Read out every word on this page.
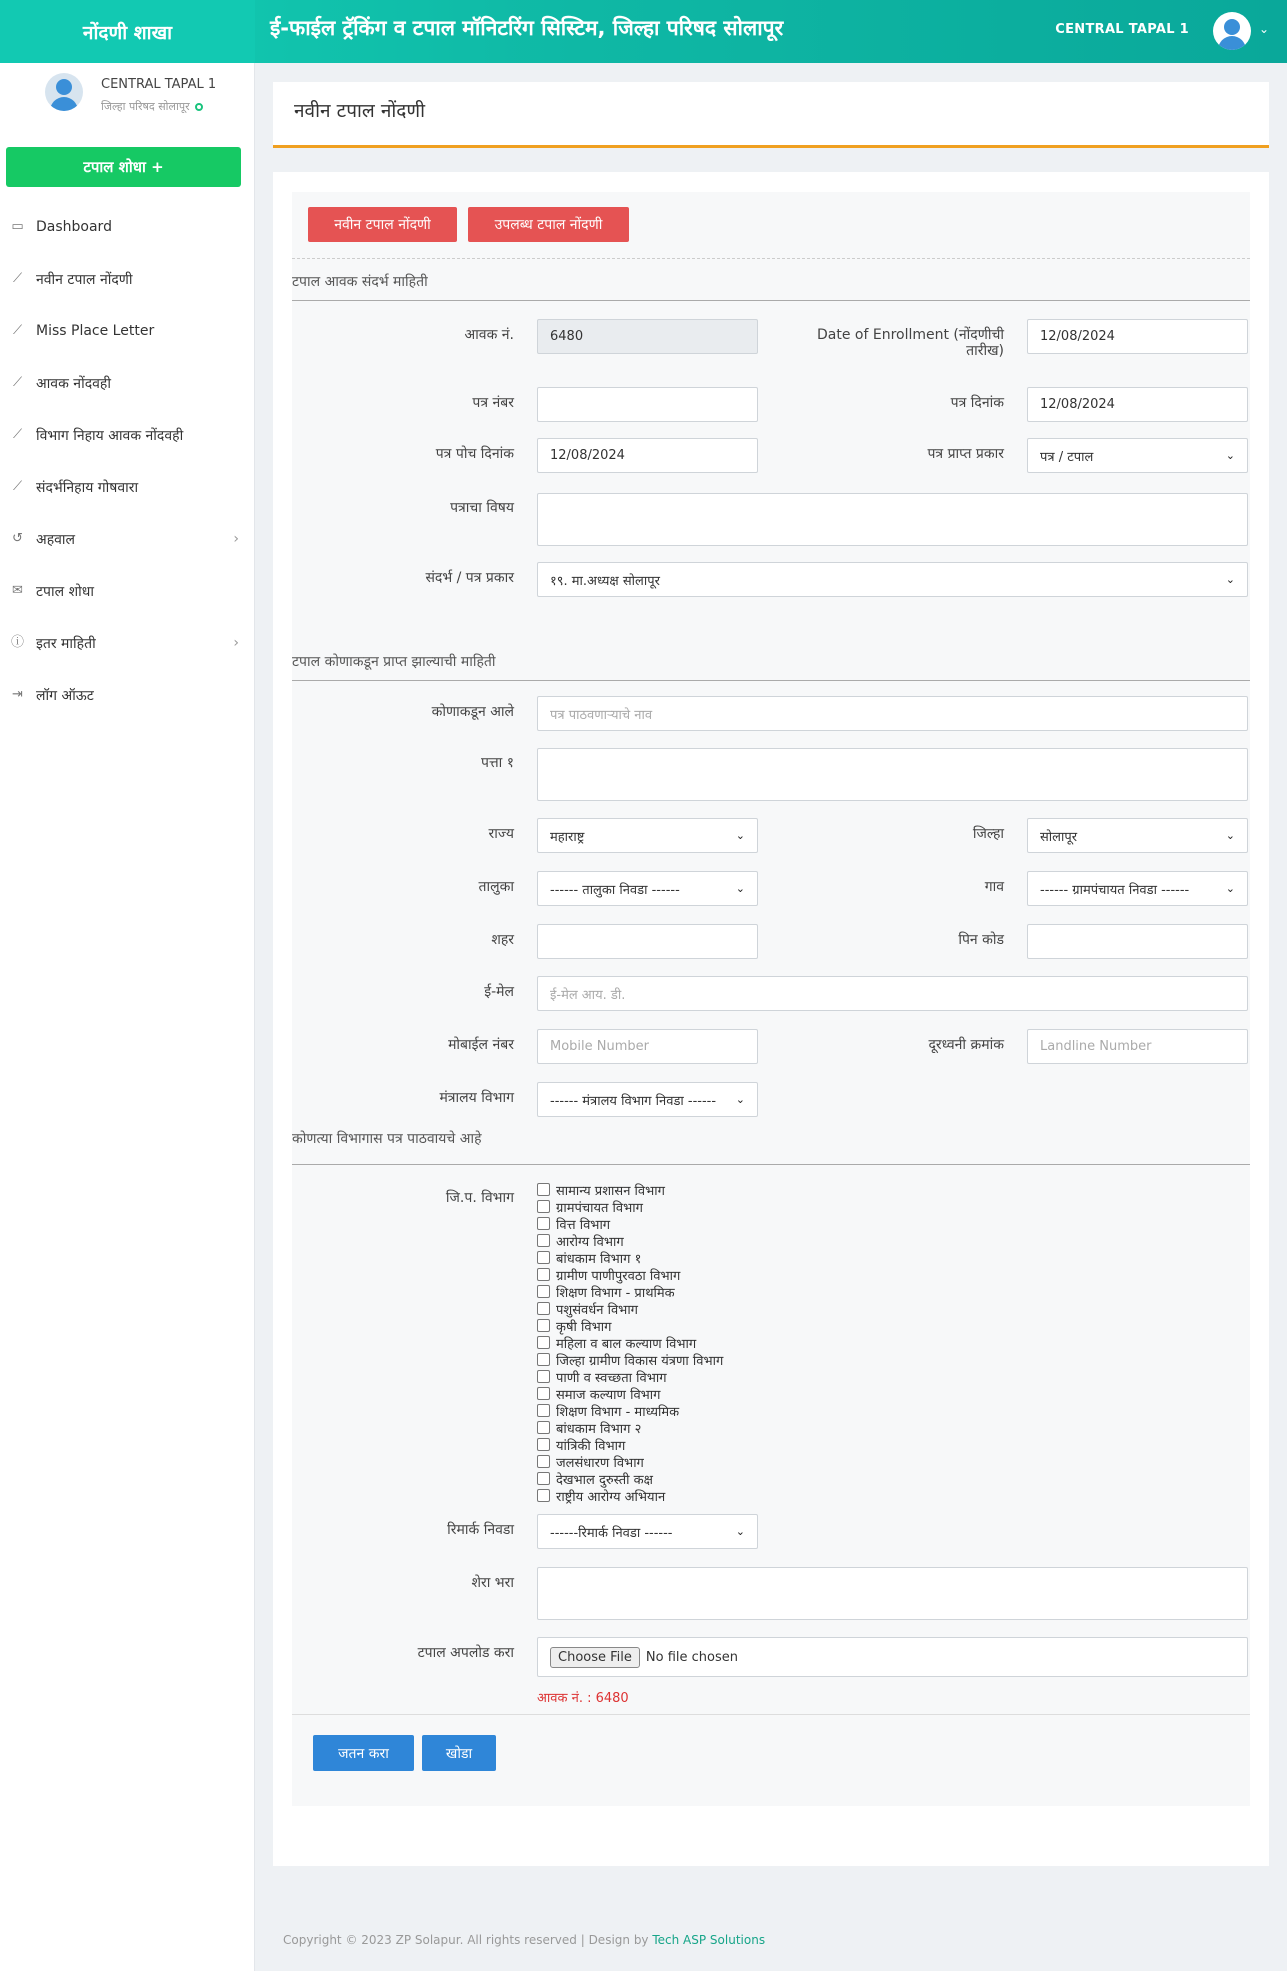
नोंदणी शाखा	ई-फाईल ट्रॅकिंग व टपाल मॉनिटरिंग सिस्टिम, जिल्हा परिषद सोलापूर	CENTRAL TAPAL 1	⌄
CENTRAL TAPAL 1
जिल्हा परिषद सोलापूर
टपाल शोधा +
▭ Dashboard
⟋ नवीन टपाल नोंदणी
⟋ Miss Place Letter
⟋ आवक नोंदवही
⟋ विभाग निहाय आवक नोंदवही
⟋ संदर्भनिहाय गोषवारा
↺ अहवाल	›
✉ टपाल शोधा
ⓘ इतर माहिती	›
⇥ लॉग ऑऊट
नवीन टपाल नोंदणी
नवीन टपाल नोंदणी	उपलब्ध टपाल नोंदणी
टपाल आवक संदर्भ माहिती
आवक नं.	6480	Date of Enrollment (नोंदणीची तारीख)
12/08/2024
पत्र नंबर	पत्र दिनांक	12/08/2024
पत्र पोच दिनांक	12/08/2024	पत्र प्राप्त प्रकार	पत्र / टपाल	⌄
पत्राचा विषय
संदर्भ / पत्र प्रकार	१९. मा.अध्यक्ष सोलापूर	⌄
टपाल कोणाकडून प्राप्त झाल्याची माहिती
कोणाकडून आले	पत्र पाठवणाऱ्याचे नाव
पत्ता १
राज्य	महाराष्ट्र	⌄	जिल्हा	सोलापूर	⌄
तालुका	------ तालुका निवडा ------	⌄	गाव	------ ग्रामपंचायत निवडा ------	⌄
शहर	पिन कोड
ई-मेल	ई-मेल आय. डी.
मोबाईल नंबर	Mobile Number	दूरध्वनी क्रमांक	Landline Number
मंत्रालय विभाग	------ मंत्रालय विभाग निवडा ------ ⌄
कोणत्या विभागास पत्र पाठवायचे आहे
जि.प. विभाग	सामान्य प्रशासन विभाग
ग्रामपंचायत विभाग
वित्त विभाग
आरोग्य विभाग
बांधकाम विभाग १
ग्रामीण पाणीपुरवठा विभाग
शिक्षण विभाग - प्राथमिक
पशुसंवर्धन विभाग
कृषी विभाग
महिला व बाल कल्याण विभाग
जिल्हा ग्रामीण विकास यंत्रणा विभाग
पाणी व स्वच्छता विभाग
समाज कल्याण विभाग
शिक्षण विभाग - माध्यमिक
बांधकाम विभाग २
यांत्रिकी विभाग
जलसंधारण विभाग
देखभाल दुरुस्ती कक्ष
राष्ट्रीय आरोग्य अभियान
रिमार्क निवडा	------रिमार्क निवडा ------	⌄
शेरा भरा
टपाल अपलोड करा	Choose File	No file chosen
आवक नं. : 6480
जतन करा	खोडा
Copyright © 2023 ZP Solapur. All rights reserved | Design by Tech ASP Solutions
